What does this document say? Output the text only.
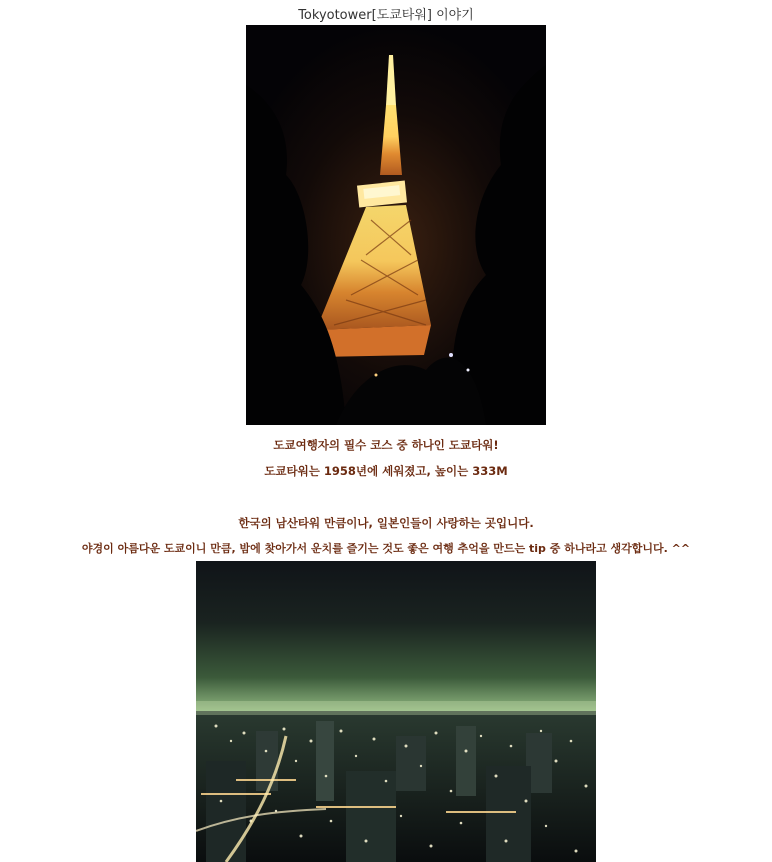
Tokyotower[도쿄타워] 이야기
도쿄여행자의 필수 코스 중 하나인 도쿄타워!
도쿄타워는 1958년에 세워졌고, 높이는 333M
한국의 남산타워 만큼이나, 일본인들이 사랑하는 곳입니다.
야경이 아름다운 도쿄이니 만큼, 밤에 찾아가서 운치를 즐기는 것도 좋은 여행 추억을 만드는 tip 중 하나라고 생각합니다. ^^
